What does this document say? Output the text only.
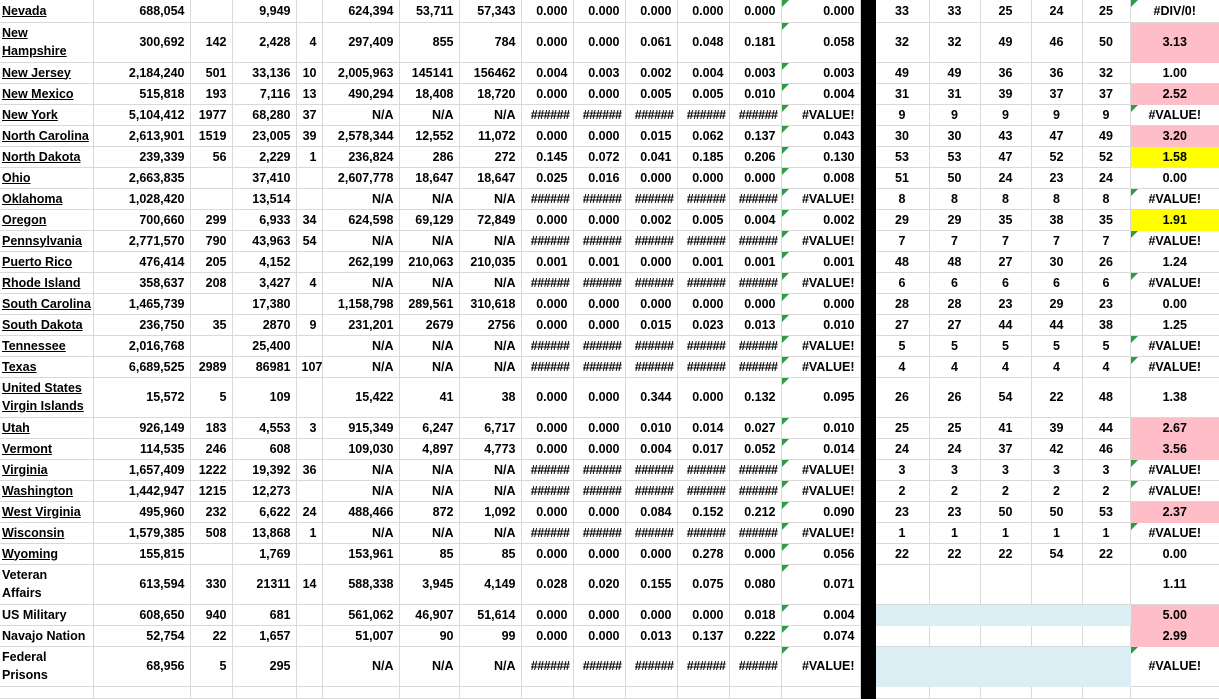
Nevada	688,054		9,949		624,394	53,711	57,343	0.000	0.000	0.000	0.000	0.000	0.000		33	33	25	24	25	#DIV/0!

New
Hampshire	300,692	142	2,428	4	297,409	855	784	0.000	0.000	0.061	0.048	0.181	0.058		32	32	49	46	50	3.13

New Jersey	2,184,240	501	33,136	10	2,005,963	145141	156462	0.004	0.003	0.002	0.004	0.003	0.003		49	49	36	36	32	1.00

New Mexico	515,818	193	7,116	13	490,294	18,408	18,720	0.000	0.000	0.005	0.005	0.010	0.004		31	31	39	37	37	2.52

New York	5,104,412	1977	68,280	37	N/A	N/A	N/A	######	######	######	######	######	#VALUE!		9	9	9	9	9	#VALUE!

North Carolina	2,613,901	1519	23,005	39	2,578,344	12,552	11,072	0.000	0.000	0.015	0.062	0.137	0.043		30	30	43	47	49	3.20

North Dakota	239,339	56	2,229	1	236,824	286	272	0.145	0.072	0.041	0.185	0.206	0.130		53	53	47	52	52	1.58

Ohio	2,663,835		37,410		2,607,778	18,647	18,647	0.025	0.016	0.000	0.000	0.000	0.008		51	50	24	23	24	0.00

Oklahoma	1,028,420		13,514		N/A	N/A	N/A	######	######	######	######	######	#VALUE!		8	8	8	8	8	#VALUE!

Oregon	700,660	299	6,933	34	624,598	69,129	72,849	0.000	0.000	0.002	0.005	0.004	0.002		29	29	35	38	35	1.91

Pennsylvania	2,771,570	790	43,963	54	N/A	N/A	N/A	######	######	######	######	######	#VALUE!		7	7	7	7	7	#VALUE!

Puerto Rico	476,414	205	4,152		262,199	210,063	210,035	0.001	0.001	0.000	0.001	0.001	0.001		48	48	27	30	26	1.24

Rhode Island	358,637	208	3,427	4	N/A	N/A	N/A	######	######	######	######	######	#VALUE!		6	6	6	6	6	#VALUE!

South Carolina	1,465,739		17,380		1,158,798	289,561	310,618	0.000	0.000	0.000	0.000	0.000	0.000		28	28	23	29	23	0.00

South Dakota	236,750	35	2870	9	231,201	2679	2756	0.000	0.000	0.015	0.023	0.013	0.010		27	27	44	44	38	1.25

Tennessee	2,016,768		25,400		N/A	N/A	N/A	######	######	######	######	######	#VALUE!		5	5	5	5	5	#VALUE!

Texas	6,689,525	2989	86981	107	N/A	N/A	N/A	######	######	######	######	######	#VALUE!		4	4	4	4	4	#VALUE!

United States
Virgin Islands	15,572	5	109		15,422	41	38	0.000	0.000	0.344	0.000	0.132	0.095		26	26	54	22	48	1.38

Utah	926,149	183	4,553	3	915,349	6,247	6,717	0.000	0.000	0.010	0.014	0.027	0.010		25	25	41	39	44	2.67

Vermont	114,535	246	608		109,030	4,897	4,773	0.000	0.000	0.004	0.017	0.052	0.014		24	24	37	42	46	3.56

Virginia	1,657,409	1222	19,392	36	N/A	N/A	N/A	######	######	######	######	######	#VALUE!		3	3	3	3	3	#VALUE!

Washington	1,442,947	1215	12,273		N/A	N/A	N/A	######	######	######	######	######	#VALUE!		2	2	2	2	2	#VALUE!

West Virginia	495,960	232	6,622	24	488,466	872	1,092	0.000	0.000	0.084	0.152	0.212	0.090		23	23	50	50	53	2.37

Wisconsin	1,579,385	508	13,868	1	N/A	N/A	N/A	######	######	######	######	######	#VALUE!		1	1	1	1	1	#VALUE!

Wyoming	155,815		1,769		153,961	85	85	0.000	0.000	0.000	0.278	0.000	0.056		22	22	22	54	22	0.00

Veteran
Affairs	613,594	330	21311	14	588,338	3,945	4,149	0.028	0.020	0.155	0.075	0.080	0.071							1.11

US Military	608,650	940	681		561,062	46,907	51,614	0.000	0.000	0.000	0.000	0.018	0.004							5.00

Navajo Nation	52,754	22	1,657		51,007	90	99	0.000	0.000	0.013	0.137	0.222	0.074							2.99

Federal
Prisons	68,956	5	295		N/A	N/A	N/A	######	######	######	######	######	#VALUE!							#VALUE!
